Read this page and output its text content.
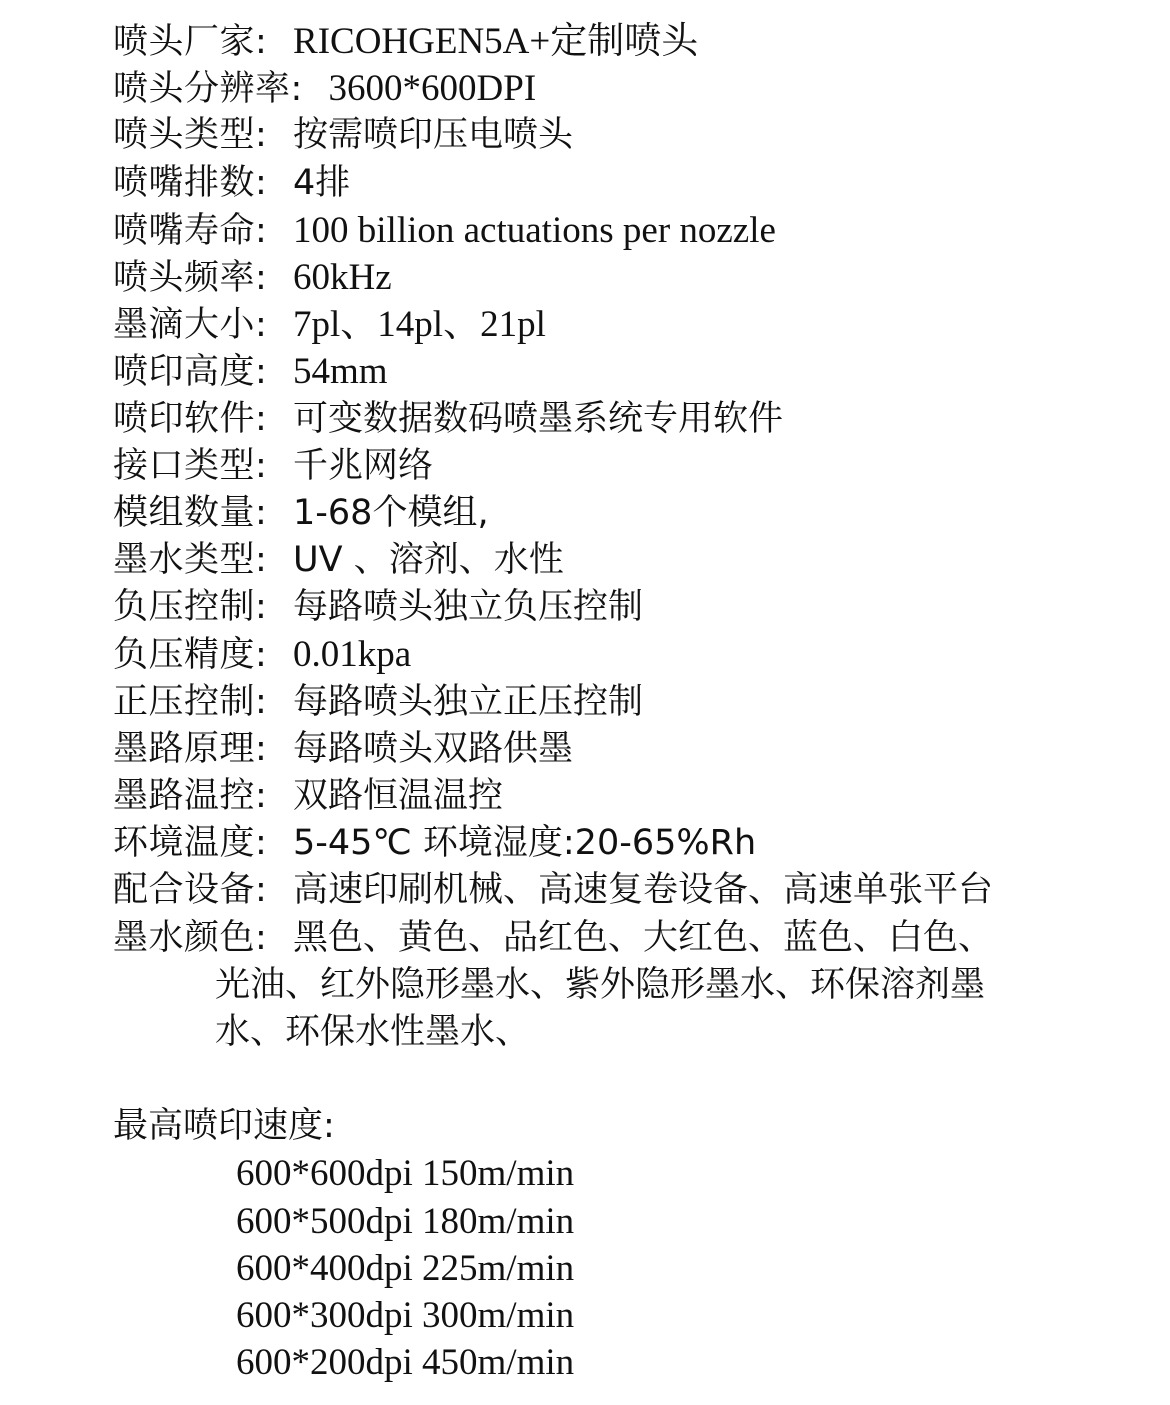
喷头厂家 : RICOHGEN5A+定制喷头
喷头分辨率 : 3600*600DPI
喷头类型 : 按需喷印压电喷头
喷嘴排数 : 4排
喷嘴寿命 : 100 billion actuations per nozzle
喷头频率 : 60kHz
墨滴大小 : 7pl、14pl、21pl
喷印高度 : 54mm
喷印软件 : 可变数据数码喷墨系统专用软件
接口类型 : 千兆网络
模组数量 : 1-68个模组,
墨水类型 : UV 、溶剂、水性
负压控制 : 每路喷头独立负压控制
负压精度 : 0.01kpa
正压控制 : 每路喷头独立正压控制
墨路原理 : 每路喷头双路供墨
墨路温控 : 双路恒温温控
环境温度 : 5-45℃ 环境湿度:20-65%Rh
配合设备 : 高速印刷机械、高速复卷设备、高速单张平台
墨水颜色 : 黑色、黄色、品红色、大红色、蓝色、白色、
光油、红外隐形墨水、紫外隐形墨水、环保溶剂墨
水、环保水性墨水、
最高喷印速度:
600*600dpi 150m/min
600*500dpi 180m/min
600*400dpi 225m/min
600*300dpi 300m/min
600*200dpi 450m/min
